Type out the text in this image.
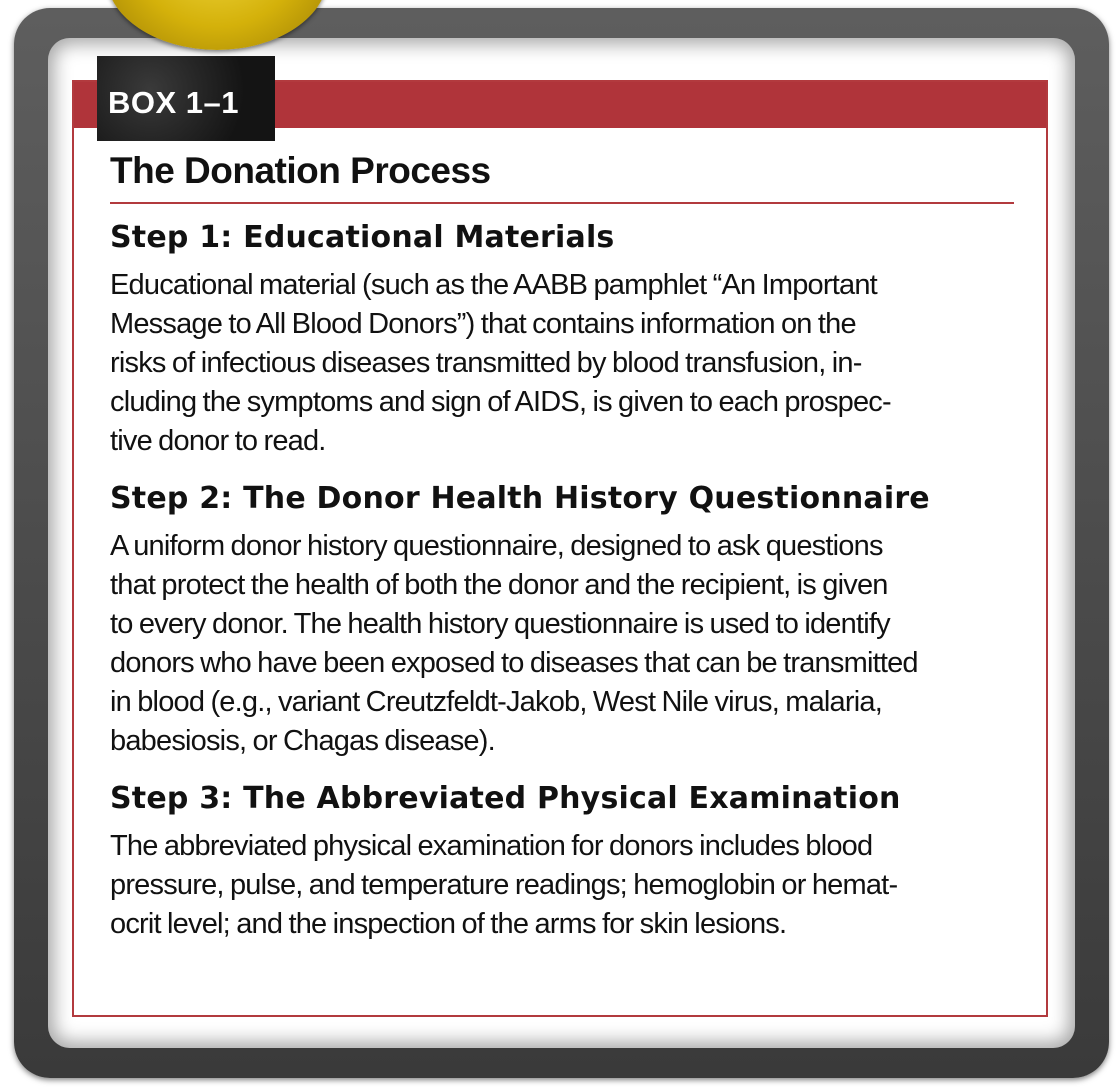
BOX 1–1
The Donation Process
Step 1: Educational Materials

Educational material (such as the AABB pamphlet “An Important
Message to All Blood Donors”) that contains information on the
risks of infectious diseases transmitted by blood transfusion, in-
cluding the symptoms and sign of AIDS, is given to each prospec-
tive donor to read.

Step 2: The Donor Health History Questionnaire

A uniform donor history questionnaire, designed to ask questions
that protect the health of both the donor and the recipient, is given
to every donor. The health history questionnaire is used to identify
donors who have been exposed to diseases that can be transmitted
in blood (e.g., variant Creutzfeldt-Jakob, West Nile virus, malaria,
babesiosis, or Chagas disease).

Step 3: The Abbreviated Physical Examination

The abbreviated physical examination for donors includes blood
pressure, pulse, and temperature readings; hemoglobin or hemat-
ocrit level; and the inspection of the arms for skin lesions.
